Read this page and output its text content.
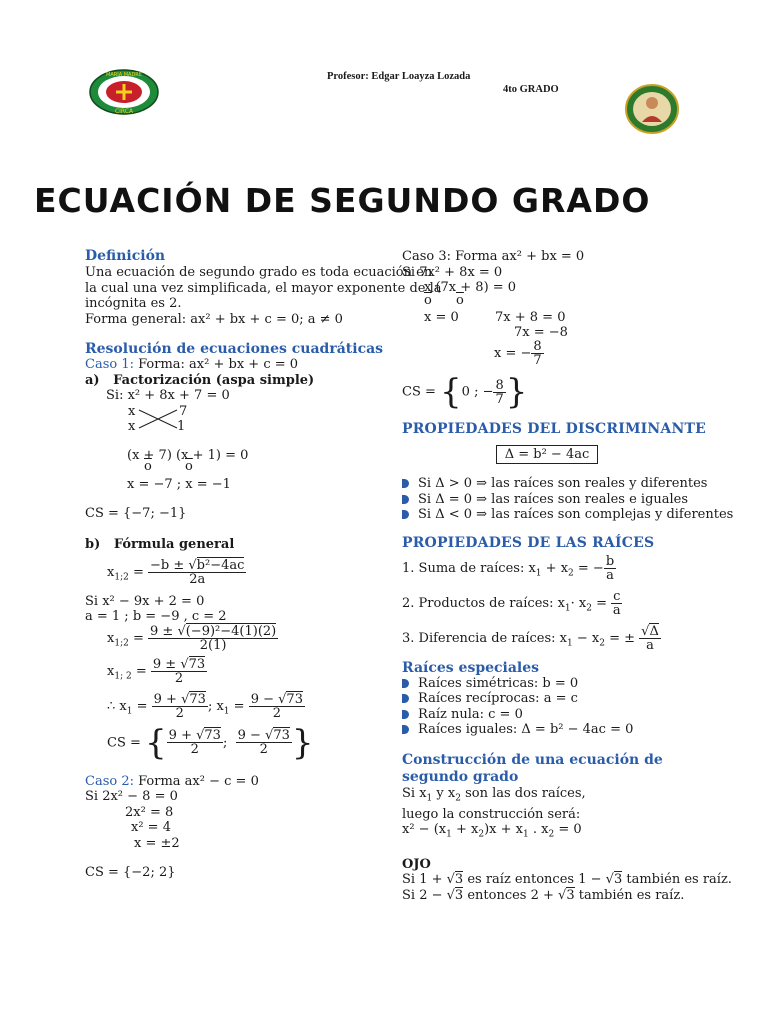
MARIA MADRE
CIRCA
Profesor: Edgar Loayza Lozada
4to GRADO
ECUACIÓN DE SEGUNDO GRADO
Definición
Una ecuación de segundo grado es toda ecuación en
la cual una vez simplificada, el mayor exponente de la
incógnita es 2.
Forma general: ax² + bx + c = 0; a ≠ 0
Resolución de ecuaciones cuadráticas
Caso 1: Forma: ax² + bx + c = 0
a) Factorización (aspa simple)
Si: x² + 8x + 7 = 0
x	7
x	1
(x + 7) (x + 1) = 0
$\overline{o}$	$\overline{o}$
x = −7 ; x = −1
CS = {−7; −1}
b) Fórmula general
$x_{1;2} = \frac{\text{−b ± √b²−4ac}}{2a}$
Si x² − 9x + 2 = 0
a = 1 ; b = −9 , c = 2
$x_{1;2} = \frac{\text{9 ± √(−9)²−4(1)(2)}}{2(1)}$
$x_{1; 2} = \frac{9 \pm √73}{2}$
∴ $x_1 = \frac{9 + √73}{2}$ ; $x_1 = \frac{9 - √73}{2}$
CS = { $\frac{9 + √73}{2}$ ; $\frac{9 - √73}{2}$ }
Caso 2: Forma ax² − c = 0
Si 2x² − 8 = 0
2x² = 8
x² = 4
x = ±2
CS = {−2; 2}
Caso 3: Forma ax² + bx = 0
Si 7x² + 8x = 0
x (7x + 8) = 0
$\overline{o}$ $\overline{o}$
x = 0	7x + 8 = 0
7x = −8
x = − $\frac{8}{7}$
CS = {0 ; − $\frac{8}{7}$ }
PROPIEDADES DEL DISCRIMINANTE
Δ = b² − 4ac
Si Δ > 0 ⇒ las raíces son reales y diferentes
Si Δ = 0 ⇒ las raíces son reales e iguales
Si Δ < 0 ⇒ las raíces son complejas y diferentes
PROPIEDADES DE LAS RAÍCES
1. Suma de raíces: $x_1 + x_2$ = − $\frac{b}{a}$
2. Productos de raíces: $x_1\cdot x_2 = \frac{c}{a}$
3. Diferencia de raíces: $x_1 - x_2$ = ± $\frac{√\Delta}{a}$
Raíces especiales
Raíces simétricas: b = 0
Raíces recíprocas: a = c
Raíz nula: c = 0
Raíces iguales: Δ = b² − 4ac = 0
Construcción de una ecuación de segundo grado
Si $x_1$ y $x_2$ son las dos raíces,
luego la construcción será:
$x^2 - (x_1 + x_2)x + x_1$ . $x_2 = 0$
OJO
Si 1 + √3 es raíz entonces 1 − √3 también es raíz.
Si 2 − √3 entonces 2 + √3 también es raíz.
